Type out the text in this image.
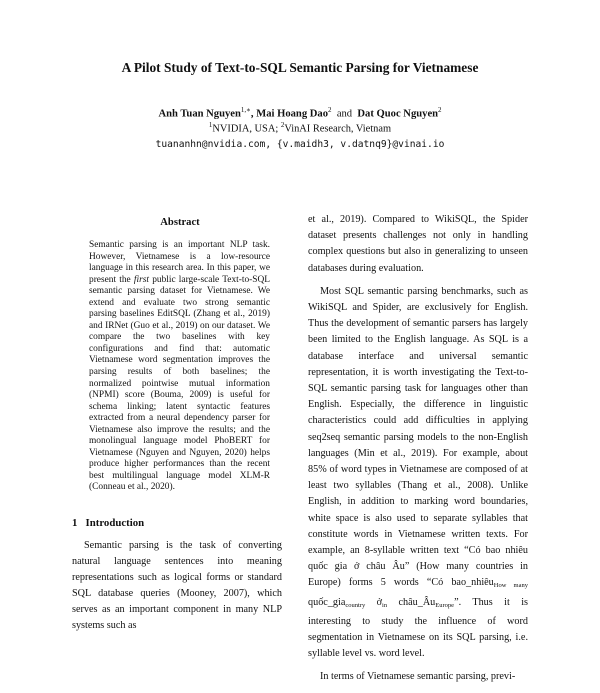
A Pilot Study of Text-to-SQL Semantic Parsing for Vietnamese
Anh Tuan Nguyen$^{1,∗}$, Mai Hoang Dao$^2$  and  Dat Quoc Nguyen$^2$
$^1$NVIDIA, USA; $^2$VinAI Research, Vietnam
tuananhn@nvidia.com, {v.maidh3, v.datnq9}@vinai.io
Abstract

Semantic parsing is an important NLP task. However, Vietnamese is a low-resource language in this research area. In this paper, we present the first public large-scale Text-to-SQL semantic parsing dataset for Vietnamese. We extend and evaluate two strong semantic parsing baselines EditSQL (Zhang et al., 2019) and IRNet (Guo et al., 2019) on our dataset. We compare the two baselines with key configurations and find that: automatic Vietnamese word segmentation improves the parsing results of both baselines; the normalized pointwise mutual information (NPMI) score (Bouma, 2009) is useful for schema linking; latent syntactic features extracted from a neural dependency parser for Vietnamese also improve the results; and the monolingual language model PhoBERT for Vietnamese (Nguyen and Nguyen, 2020) helps produce higher performances than the recent best multilingual language model XLM-R (Conneau et al., 2020).

1 Introduction

Semantic parsing is the task of converting natural language sentences into meaning representations such as logical forms or standard SQL database queries (Mooney, 2007), which serves as an important component in many NLP systems such as

et al., 2019). Compared to WikiSQL, the Spider dataset presents challenges not only in handling complex questions but also in generalizing to unseen databases during evaluation.

Most SQL semantic parsing benchmarks, such as WikiSQL and Spider, are exclusively for English. Thus the development of semantic parsers has largely been limited to the English language. As SQL is a database interface and universal semantic representation, it is worth investigating the Text-to-SQL semantic parsing task for languages other than English. Especially, the difference in linguistic characteristics could add difficulties in applying seq2seq semantic parsing models to the non-English languages (Min et al., 2019). For example, about 85% of word types in Vietnamese are composed of at least two syllables (Thang et al., 2008). Unlike English, in addition to marking word boundaries, white space is also used to separate syllables that constitute words in Vietnamese written texts. For example, an 8-syllable written text “Có bao nhiêu quốc gia ở châu Âu” (How many countries in Europe) forms 5 words “Có bao_nhiêu$_{How many}$ quốc_gia$_{country}$ ở$_{in}$ $châu\_Âu_{Europe}$”. Thus it is interesting to study the influence of word segmentation in Vietnamese on its SQL parsing, i.e. syllable level vs. word level.

In terms of Vietnamese semantic parsing, previ-
